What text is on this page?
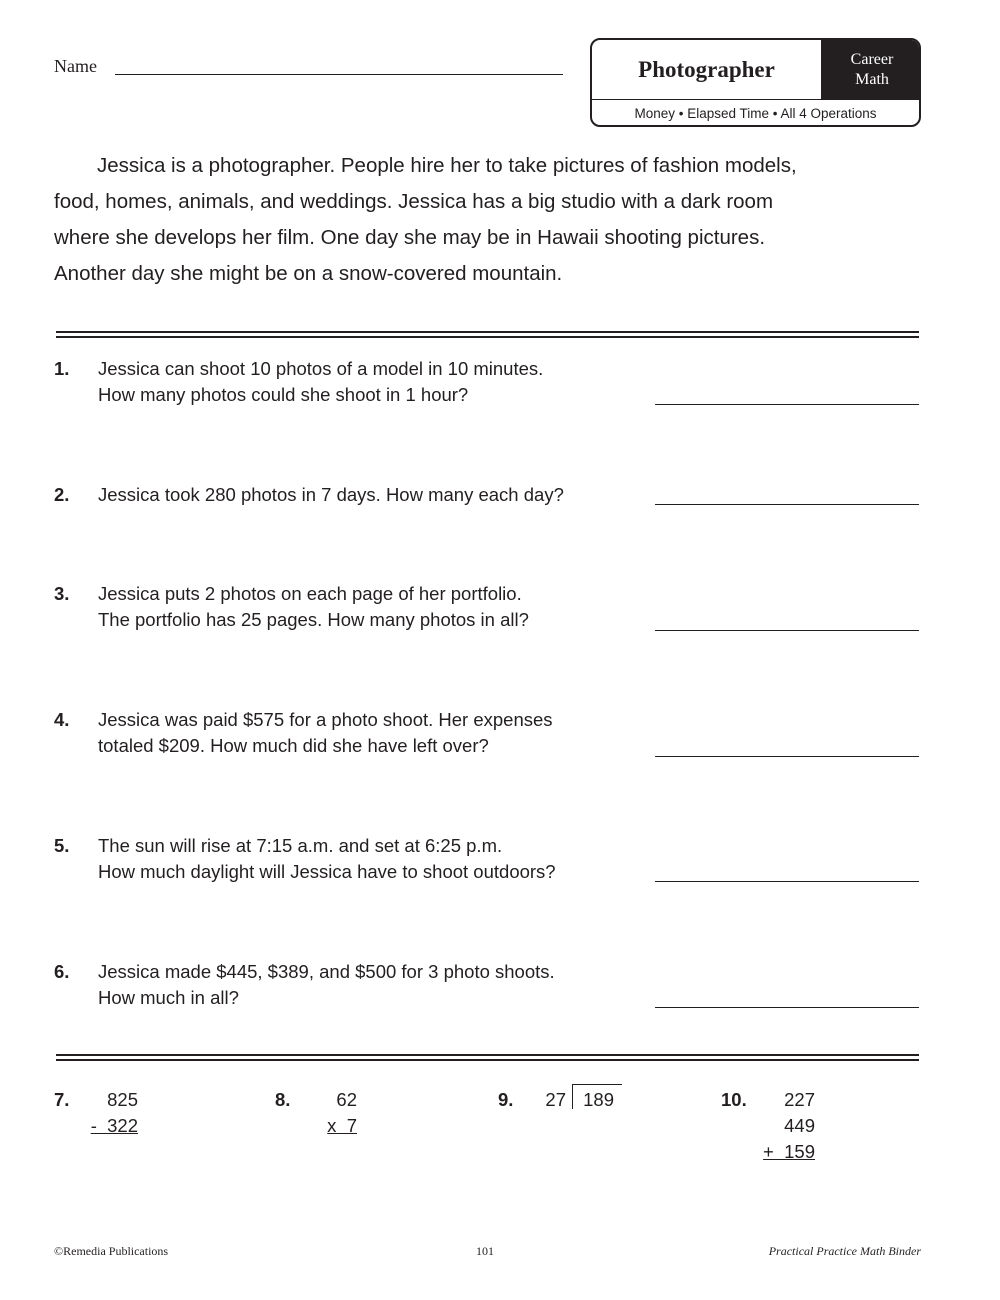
Name	Photographer	Career
Math
Money • Elapsed Time • All 4 Operations

Jessica is a photographer. People hire her to take pictures of fashion models,

food, homes, animals, and weddings. Jessica has a big studio with a dark room

where she develops her film. One day she may be in Hawaii shooting pictures.

Another day she might be on a snow-covered mountain.

1. Jessica can shoot 10 photos of a model in 10 minutes.
How many photos could she shoot in 1 hour?
2. Jessica took 280 photos in 7 days. How many each day?
3. Jessica puts 2 photos on each page of her portfolio.
The portfolio has 25 pages. How many photos in all?
4. Jessica was paid $575 for a photo shoot. Her expenses
totaled $209. How much did she have left over?
5. The sun will rise at 7:15 a.m. and set at 6:25 p.m.
How much daylight will Jessica have to shoot outdoors?
6. Jessica made $445, $389, and $500 for 3 photo shoots.
How much in all?
7.	825
-  322
8.	62
x  7
9. 27 189	10.	227
449
+  159
©Remedia Publications	101	Practical Practice Math Binder
